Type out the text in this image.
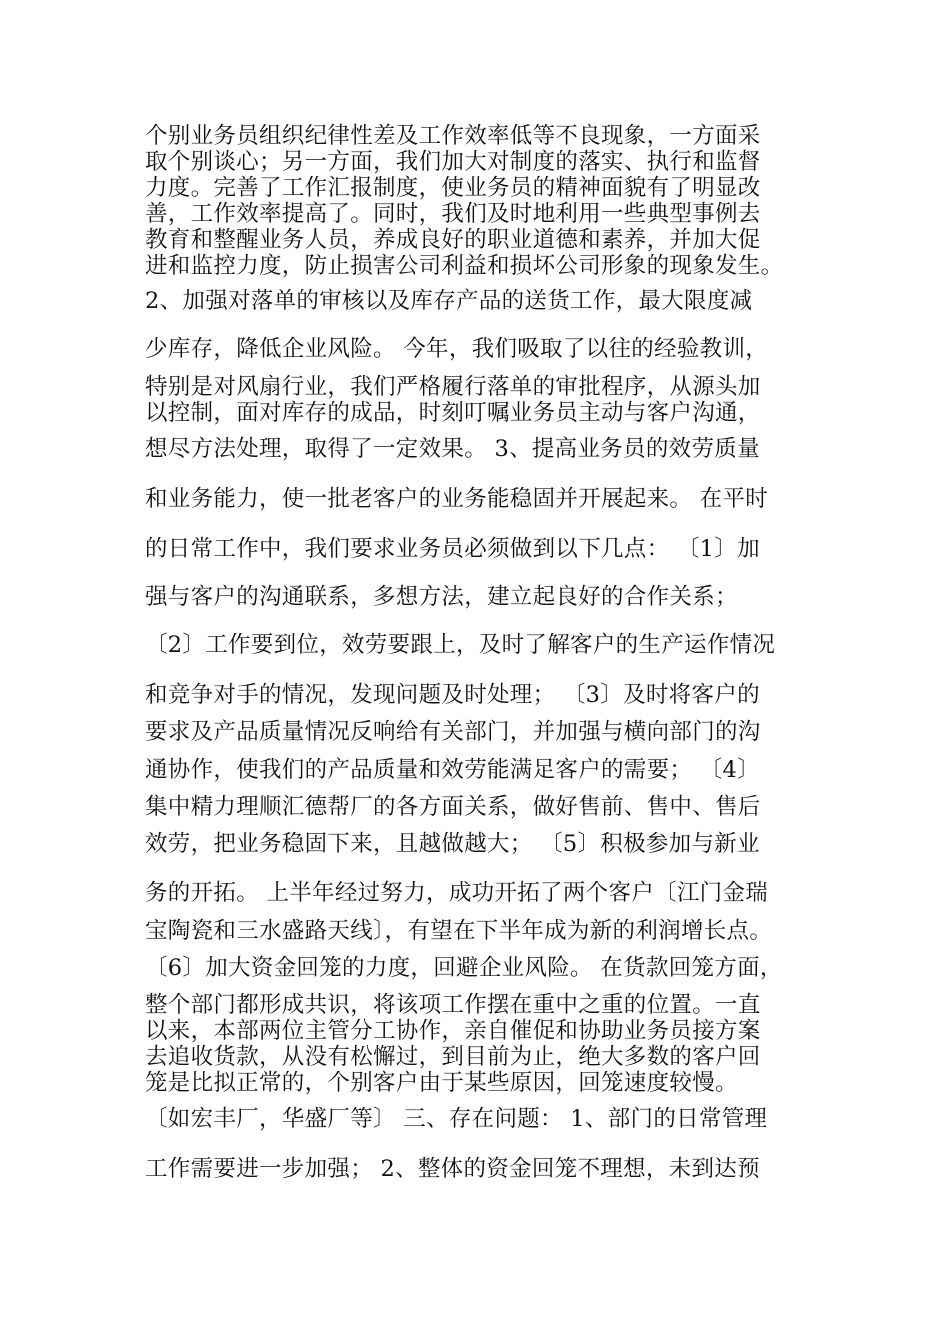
个别业务员组织纪律性差及工作效率低等不良现象，一方面采
取个别谈心；另一方面，我们加大对制度的落实、执行和监督
力度。完善了工作汇报制度，使业务员的精神面貌有了明显改
善，工作效率提高了。同时，我们及时地利用一些典型事例去
教育和整醒业务人员，养成良好的职业道德和素养，并加大促
进和监控力度，防止损害公司利益和损坏公司形象的现象发生。
2、加强对落单的审核以及库存产品的送货工作，最大限度减
少库存，降低企业风险。 今年，我们吸取了以往的经验教训，
特别是对风扇行业，我们严格履行落单的审批程序，从源头加
以控制，面对库存的成品，时刻叮嘱业务员主动与客户沟通，
想尽方法处理，取得了一定效果。 3、提高业务员的效劳质量
和业务能力，使一批老客户的业务能稳固并开展起来。 在平时
的日常工作中，我们要求业务员必须做到以下几点： 〔1〕加
强与客户的沟通联系，多想方法，建立起良好的合作关系；
〔2〕工作要到位，效劳要跟上，及时了解客户的生产运作情况
和竞争对手的情况，发现问题及时处理； 〔3〕及时将客户的
要求及产品质量情况反响给有关部门，并加强与横向部门的沟
通协作，使我们的产品质量和效劳能满足客户的需要； 〔4〕
集中精力理顺汇德帮厂的各方面关系，做好售前、售中、售后
效劳，把业务稳固下来，且越做越大； 〔5〕积极参加与新业
务的开拓。 上半年经过努力，成功开拓了两个客户〔江门金瑞
宝陶瓷和三水盛路天线〕，有望在下半年成为新的利润增长点。
〔6〕加大资金回笼的力度，回避企业风险。 在货款回笼方面，
整个部门都形成共识，将该项工作摆在重中之重的位置。一直
以来，本部两位主管分工协作，亲自催促和协助业务员接方案
去追收货款，从没有松懈过，到目前为止，绝大多数的客户回
笼是比拟正常的，个别客户由于某些原因，回笼速度较慢。
〔如宏丰厂，华盛厂等〕 三、存在问题： 1、部门的日常管理
工作需要进一步加强； 2、整体的资金回笼不理想，未到达预
